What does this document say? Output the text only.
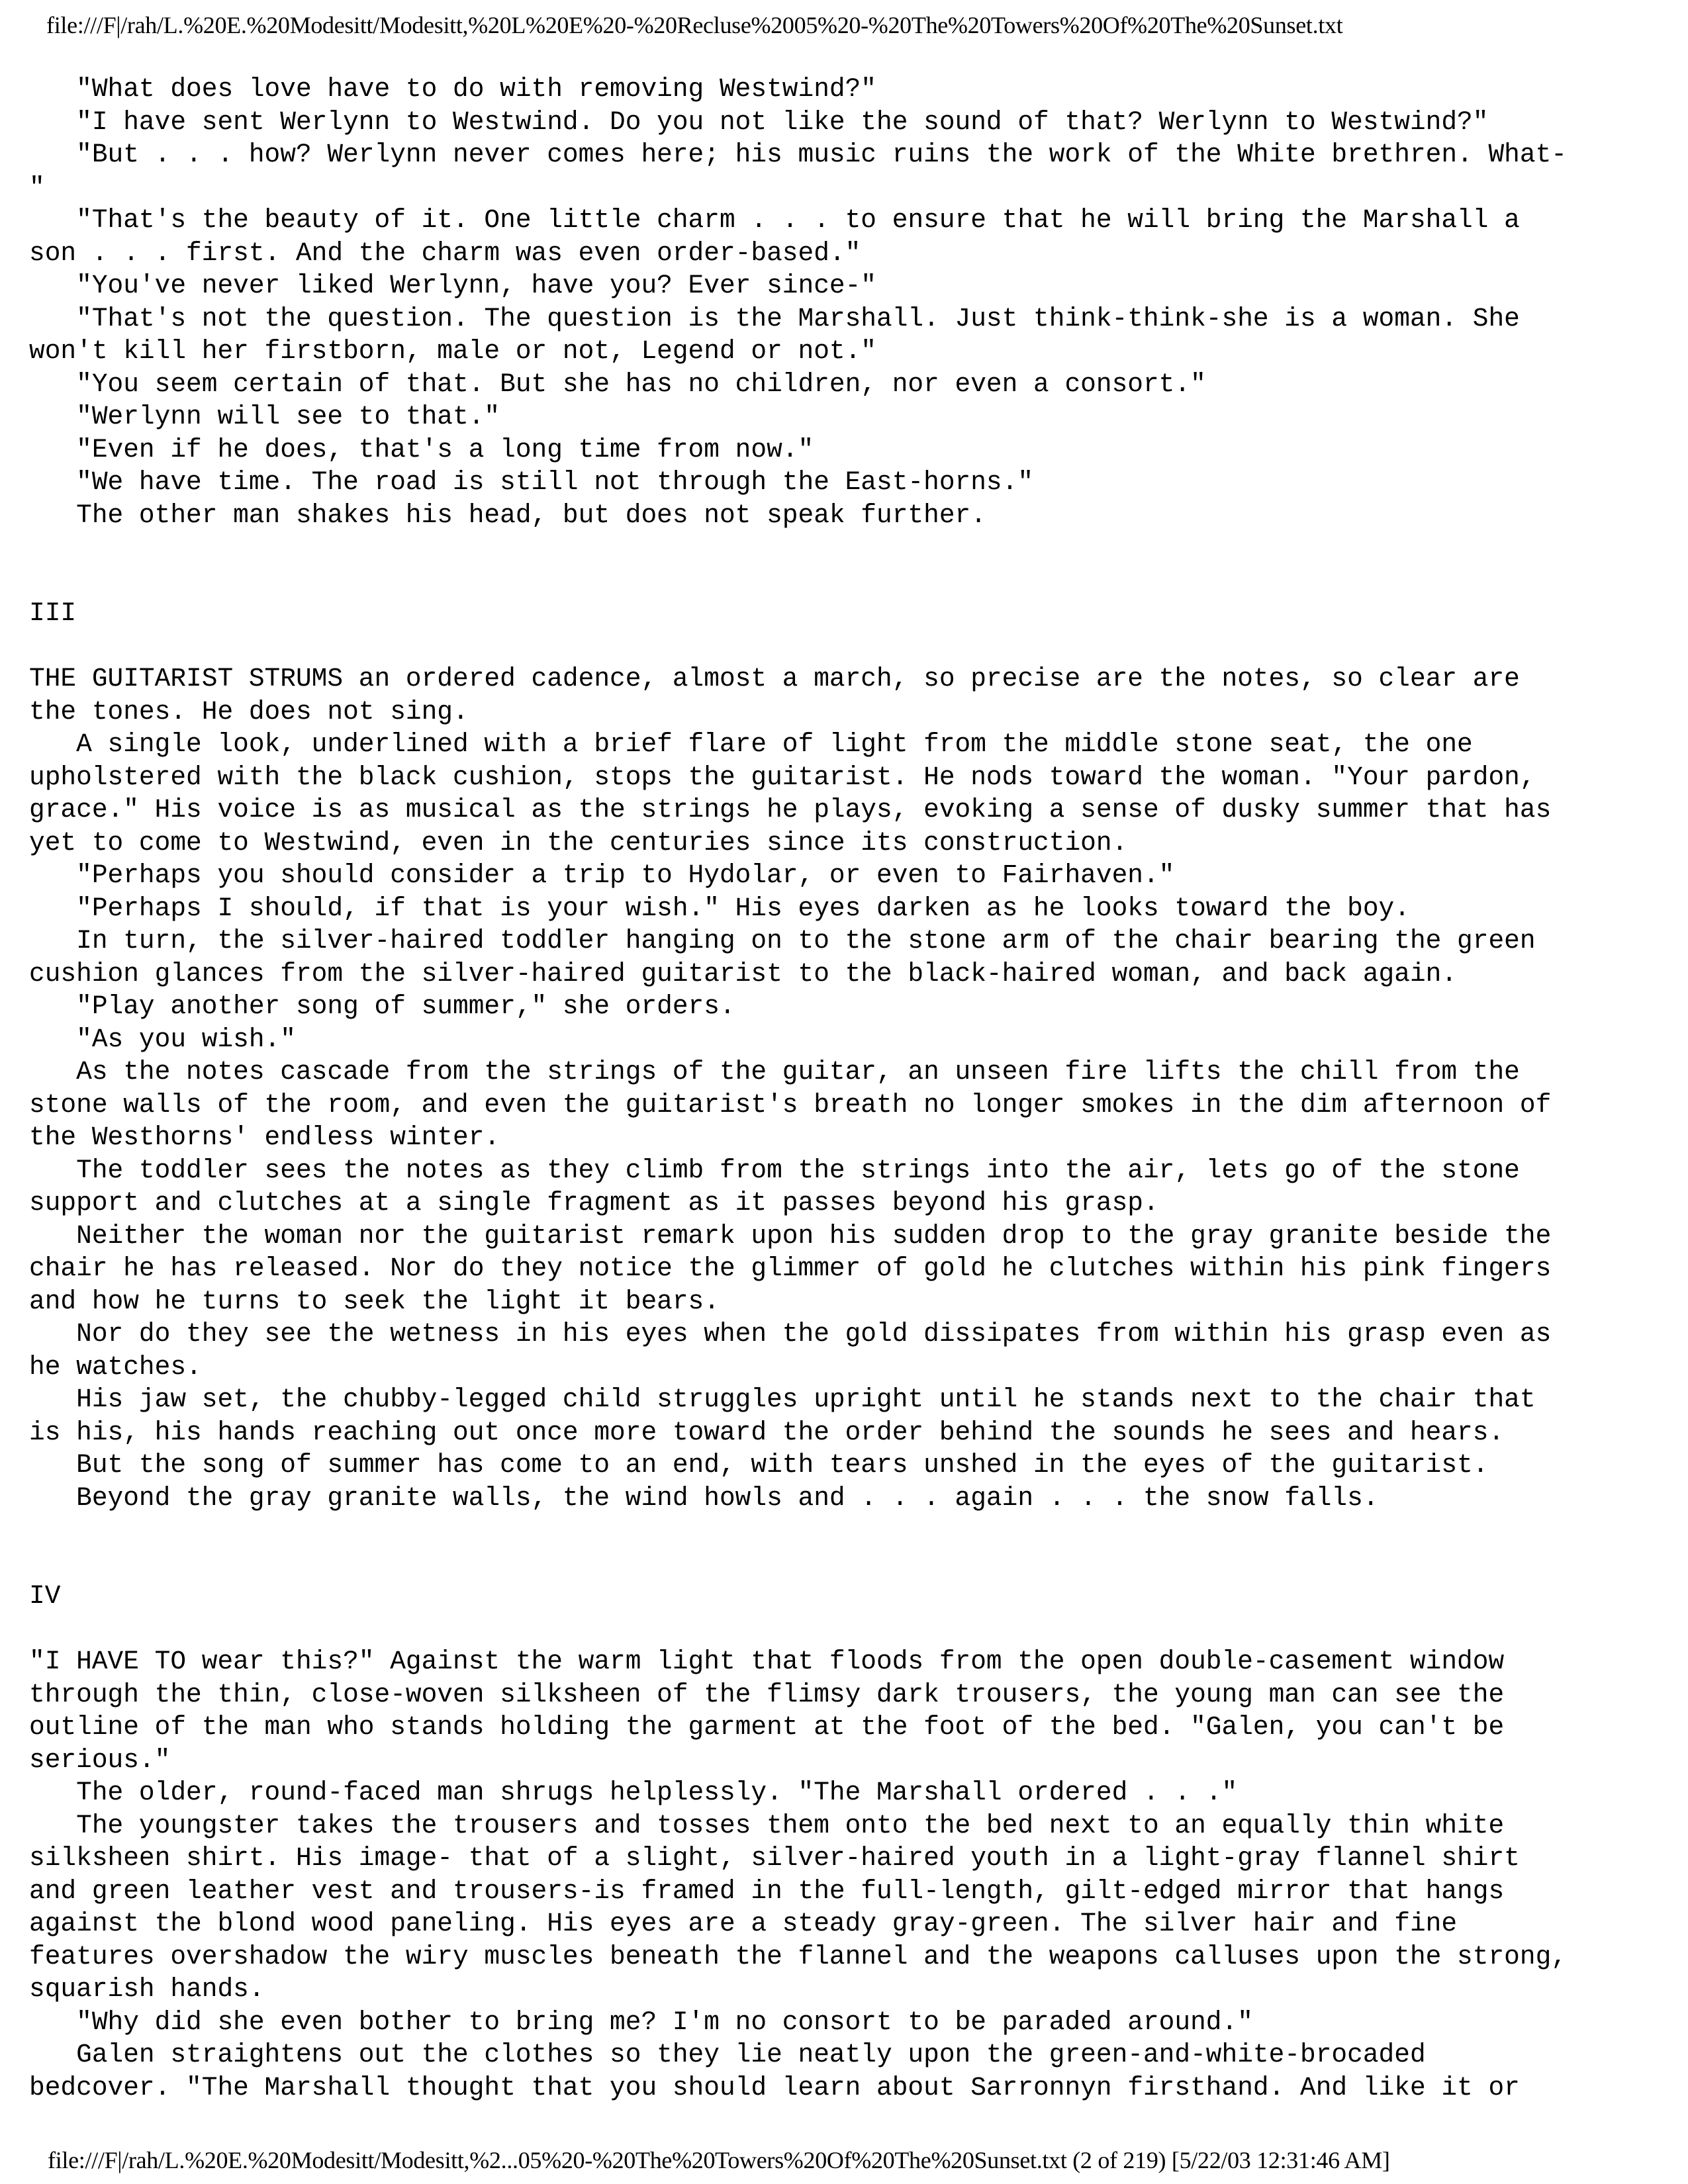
file:///F|/rah/L.%20E.%20Modesitt/Modesitt,%20L%20E%20-%20Recluse%2005%20-%20The%20Towers%20Of%20The%20Sunset.txt
"What does love have to do with removing Westwind?"
"I have sent Werlynn to Westwind. Do you not like the sound of that? Werlynn to Westwind?"
"But . . . how? Werlynn never comes here; his music ruins the work of the White brethren. What-
"
"That's the beauty of it. One little charm . . . to ensure that he will bring the Marshall a
son . . . first. And the charm was even order-based."
"You've never liked Werlynn, have you? Ever since-"
"That's not the question. The question is the Marshall. Just think-think-she is a woman. She
won't kill her firstborn, male or not, Legend or not."
"You seem certain of that. But she has no children, nor even a consort."
"Werlynn will see to that."
"Even if he does, that's a long time from now."
"We have time. The road is still not through the East-horns."
The other man shakes his head, but does not speak further.
III
THE GUITARIST STRUMS an ordered cadence, almost a march, so precise are the notes, so clear are
the tones. He does not sing.
A single look, underlined with a brief flare of light from the middle stone seat, the one
upholstered with the black cushion, stops the guitarist. He nods toward the woman. "Your pardon,
grace." His voice is as musical as the strings he plays, evoking a sense of dusky summer that has
yet to come to Westwind, even in the centuries since its construction.
"Perhaps you should consider a trip to Hydolar, or even to Fairhaven."
"Perhaps I should, if that is your wish." His eyes darken as he looks toward the boy.
In turn, the silver-haired toddler hanging on to the stone arm of the chair bearing the green
cushion glances from the silver-haired guitarist to the black-haired woman, and back again.
"Play another song of summer," she orders.
"As you wish."
As the notes cascade from the strings of the guitar, an unseen fire lifts the chill from the
stone walls of the room, and even the guitarist's breath no longer smokes in the dim afternoon of
the Westhorns' endless winter.
The toddler sees the notes as they climb from the strings into the air, lets go of the stone
support and clutches at a single fragment as it passes beyond his grasp.
Neither the woman nor the guitarist remark upon his sudden drop to the gray granite beside the
chair he has released. Nor do they notice the glimmer of gold he clutches within his pink fingers
and how he turns to seek the light it bears.
Nor do they see the wetness in his eyes when the gold dissipates from within his grasp even as
he watches.
His jaw set, the chubby-legged child struggles upright until he stands next to the chair that
is his, his hands reaching out once more toward the order behind the sounds he sees and hears.
But the song of summer has come to an end, with tears unshed in the eyes of the guitarist.
Beyond the gray granite walls, the wind howls and . . . again . . . the snow falls.
IV
"I HAVE TO wear this?" Against the warm light that floods from the open double-casement window
through the thin, close-woven silksheen of the flimsy dark trousers, the young man can see the
outline of the man who stands holding the garment at the foot of the bed. "Galen, you can't be
serious."
The older, round-faced man shrugs helplessly. "The Marshall ordered . . ."
The youngster takes the trousers and tosses them onto the bed next to an equally thin white
silksheen shirt. His image- that of a slight, silver-haired youth in a light-gray flannel shirt
and green leather vest and trousers-is framed in the full-length, gilt-edged mirror that hangs
against the blond wood paneling. His eyes are a steady gray-green. The silver hair and fine
features overshadow the wiry muscles beneath the flannel and the weapons calluses upon the strong,
squarish hands.
"Why did she even bother to bring me? I'm no consort to be paraded around."
Galen straightens out the clothes so they lie neatly upon the green-and-white-brocaded
bedcover. "The Marshall thought that you should learn about Sarronnyn firsthand. And like it or
file:///F|/rah/L.%20E.%20Modesitt/Modesitt,%2...05%20-%20The%20Towers%20Of%20The%20Sunset.txt (2 of 219) [5/22/03 12:31:46 AM]
